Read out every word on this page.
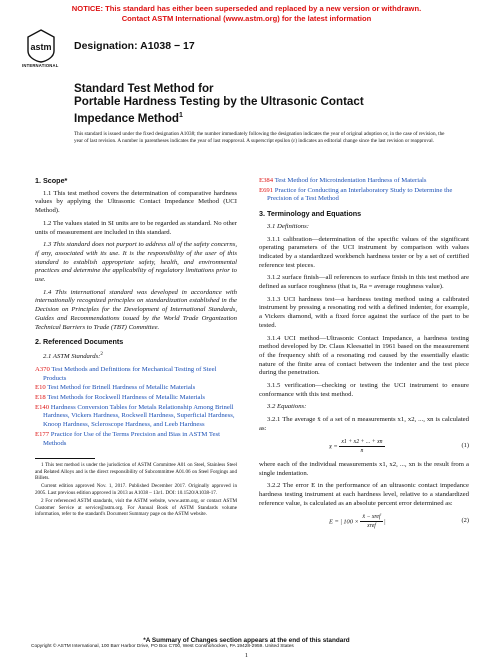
NOTICE: This standard has either been superseded and replaced by a new version or withdrawn.
Contact ASTM International (www.astm.org) for the latest information
astm
INTERNATIONAL
Designation: A1038 − 17
Standard Test Method for
Portable Hardness Testing by the Ultrasonic Contact
Impedance Method$^1$
This standard is issued under the fixed designation A1038; the number immediately following the designation indicates the year of original adoption or, in the case of revision, the year of last revision. A number in parentheses indicates the year of last reapproval. A superscript epsilon (ε) indicates an editorial change since the last revision or reapproval.
1. Scope*

1.1 This test method covers the determination of comparative hardness values by applying the Ultrasonic Contact Impedance Method (UCI Method).

1.2 The values stated in SI units are to be regarded as standard. No other units of measurement are included in this standard.

1.3 This standard does not purport to address all of the safety concerns, if any, associated with its use. It is the responsibility of the user of this standard to establish appropriate safety, health, and environmental practices and determine the applicability of regulatory limitations prior to use.

1.4 This international standard was developed in accordance with internationally recognized principles on standardization established in the Decision on Principles for the Development of International Standards, Guides and Recommendations issued by the World Trade Organization Technical Barriers to Trade (TBT) Committee.

2. Referenced Documents

2.1 ASTM Standards:$^2$

A370 Test Methods and Definitions for Mechanical Testing of Steel Products
E10 Test Method for Brinell Hardness of Metallic Materials
E18 Test Methods for Rockwell Hardness of Metallic Materials
E140 Hardness Conversion Tables for Metals Relationship Among Brinell Hardness, Vickers Hardness, Rockwell Hardness, Superficial Hardness, Knoop Hardness, Scleroscope Hardness, and Leeb Hardness
E177 Practice for Use of the Terms Precision and Bias in ASTM Test Methods
1 This test method is under the jurisdiction of ASTM Committee A01 on Steel, Stainless Steel and Related Alloys and is the direct responsibility of Subcommittee A01.06 on Steel Forgings and Billets.
Current edition approved Nov. 1, 2017. Published December 2017. Originally approved in 2005. Last previous edition approved in 2013 as A1038 – 13ε1. DOI: 10.1520/A1038-17.
2 For referenced ASTM standards, visit the ASTM website, www.astm.org, or contact ASTM Customer Service at service@astm.org. For Annual Book of ASTM Standards volume information, refer to the standard's Document Summary page on the ASTM website.
E384 Test Method for Microindentation Hardness of Materials
E691 Practice for Conducting an Interlaboratory Study to Determine the Precision of a Test Method
3. Terminology and Equations

3.1 Definitions:

3.1.1 calibration—determination of the specific values of the significant operating parameters of the UCI instrument by comparison with values indicated by a standardized workbench hardness tester or by a set of certified reference test pieces.

3.1.2 surface finish—all references to surface finish in this test method are defined as surface roughness (that is, Ra = average roughness value).

3.1.3 UCI hardness test—a hardness testing method using a calibrated instrument by pressing a resonating rod with a defined indenter, for example, a Vickers diamond, with a fixed force against the surface of the part to be tested.

3.1.4 UCI method—Ultrasonic Contact Impedance, a hardness testing method developed by Dr. Claus Kleesattel in 1961 based on the measurement of the frequency shift of a resonating rod caused by the essentially elastic nature of the finite area of contact between the indenter and the test piece during the penetration.

3.1.5 verification—checking or testing the UCI instrument to ensure conformance with this test method.

3.2 Equations:

3.2.1 The average x̄ of a set of n measurements x1, x2, ..., xn is calculated as:

x̄ = $\frac{x1 + x2 + ... + xn}{n}$	(1)

where each of the individual measurements x1, x2, ..., xn is the result from a single indentation.

3.2.2 The error E in the performance of an ultrasonic contact impedance hardness testing instrument at each hardness level, relative to a standardized reference value, is calculated as an absolute percent error determined as:

E = | $100 \times \frac{\text{x̄ − xref}}{\text{xref}}$ |	(2)
*A Summary of Changes section appears at the end of this standard
Copyright © ASTM International, 100 Barr Harbor Drive, PO Box C700, West Conshohocken, PA 19428-2959. United States
1
